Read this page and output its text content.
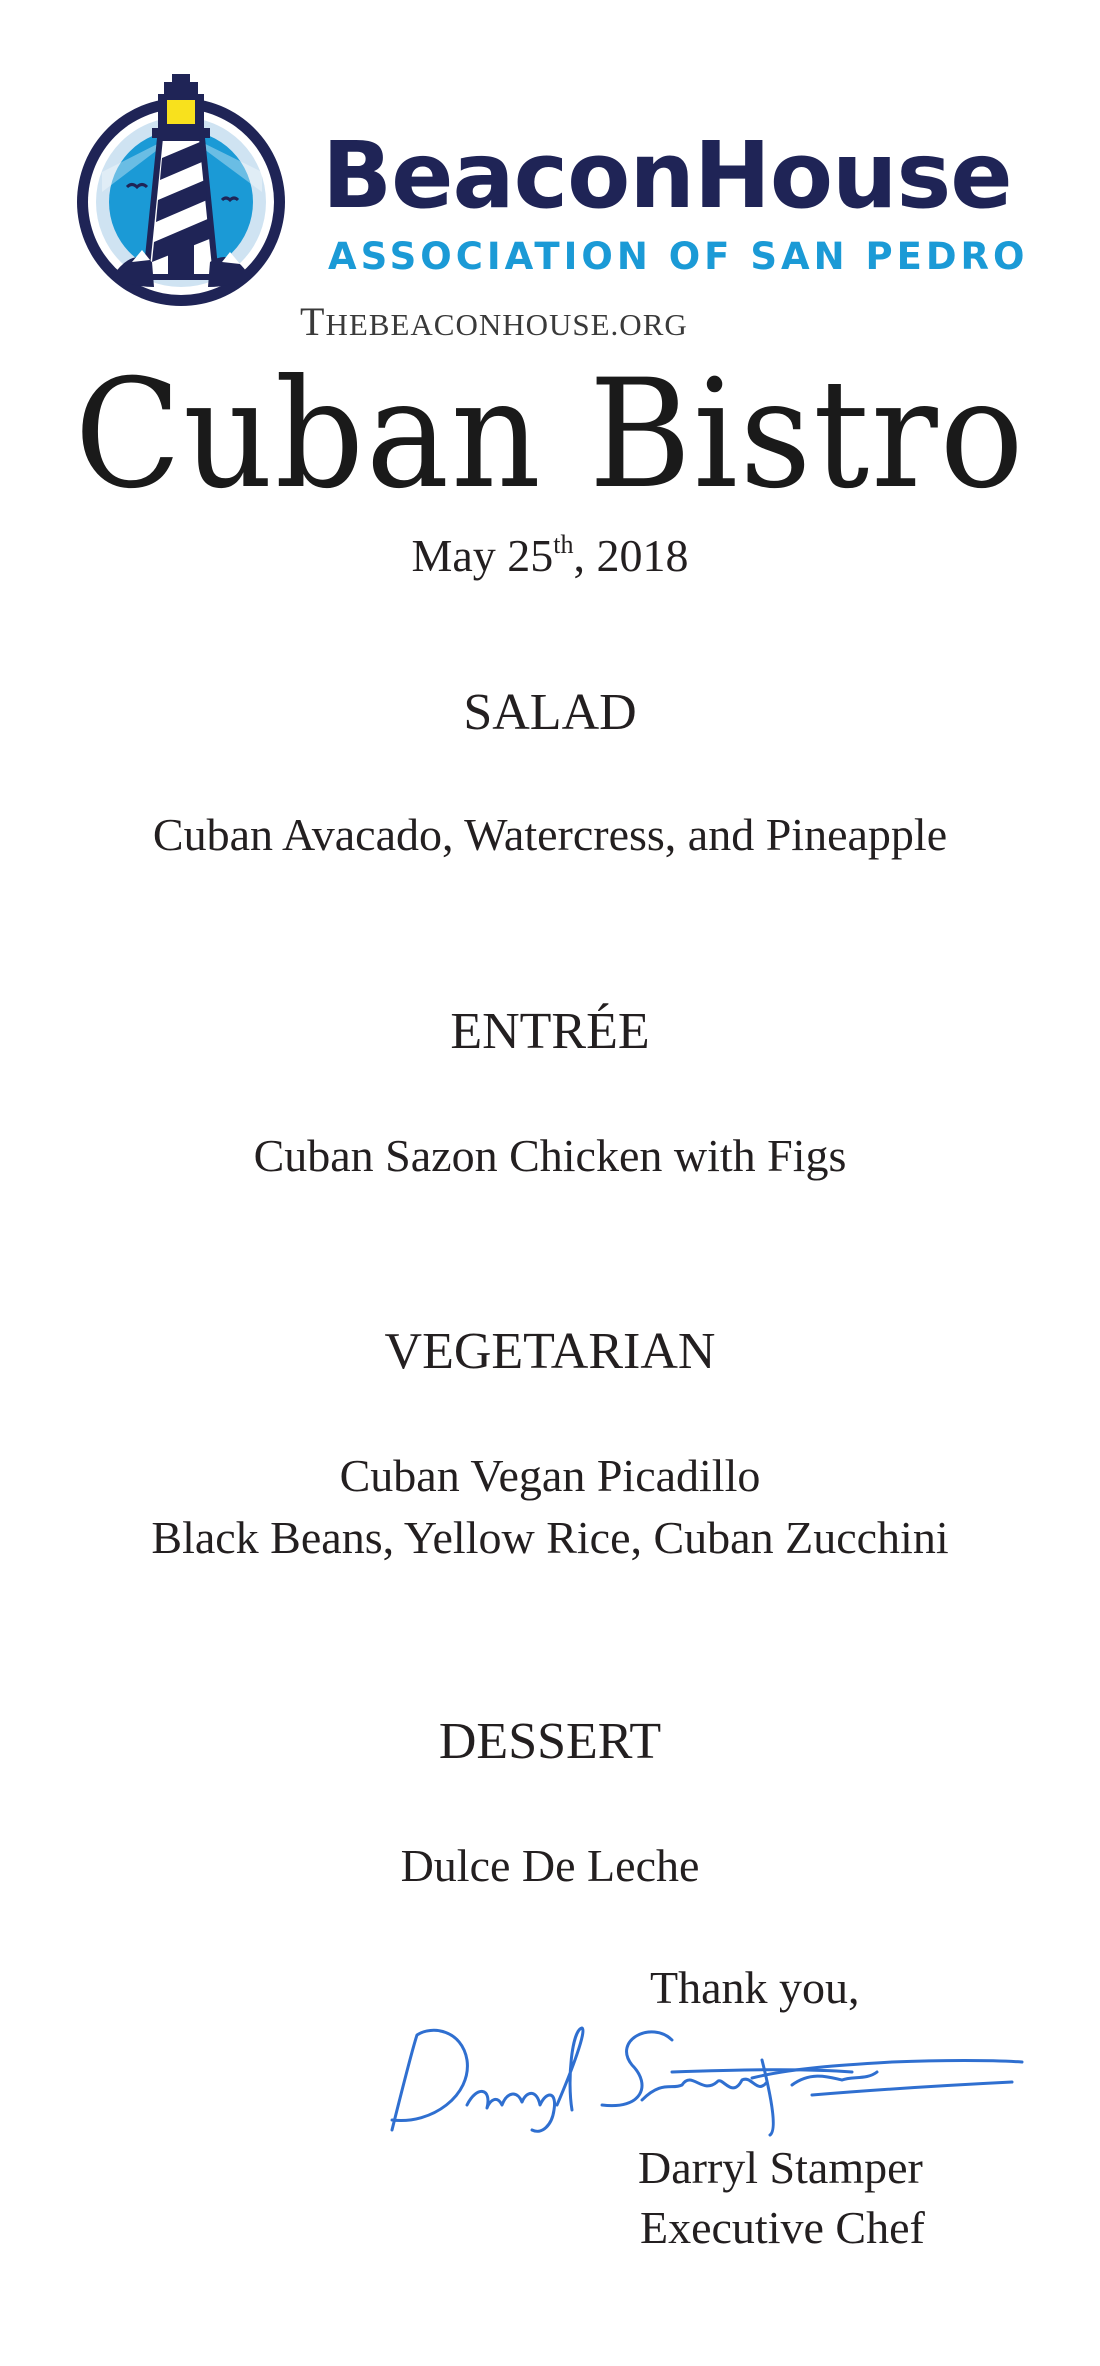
BeaconHouse
ASSOCIATION OF SAN PEDRO
THEBEACONHOUSE.ORG
Cuban Bistro
May 25th, 2018
SALAD
Cuban Avacado, Watercress, and Pineapple
ENTRÉE
Cuban Sazon Chicken with Figs
VEGETARIAN
Cuban Vegan Picadillo
Black Beans, Yellow Rice, Cuban Zucchini
DESSERT
Dulce De Leche
Thank you,
Darryl Stamper
Darryl Stamper
Executive Chef
